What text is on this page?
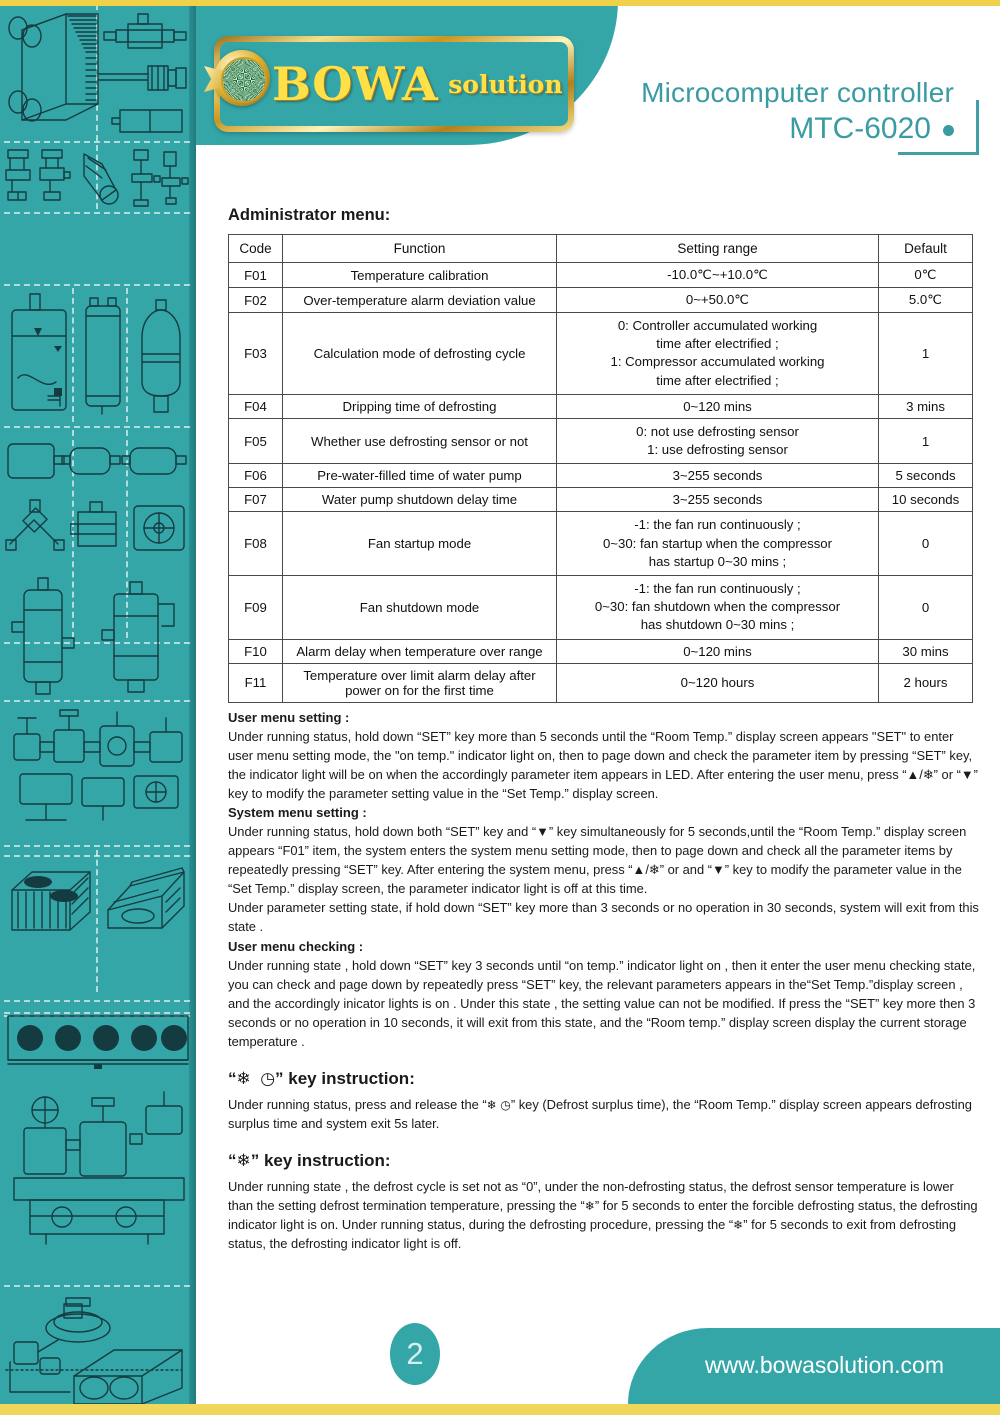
BOWA solution	Microcomputer controller
MTC-6020
Administrator menu:
Code	Function	Setting range	Default
F01	Temperature calibration	-10.0℃~+10.0℃	0℃
F02	Over-temperature alarm deviation value	0~+50.0℃	5.0℃
F03	Calculation mode of defrosting cycle	0: Controller accumulated working
time after electrified ;
1: Compressor accumulated working
time after electrified ;	1
F04	Dripping time of defrosting	0~120 mins	3 mins
F05	Whether use defrosting sensor or not	0: not use defrosting sensor
1: use defrosting sensor	1
F06	Pre-water-filled time of water pump	3~255 seconds	5 seconds
F07	Water pump shutdown delay time	3~255 seconds	10 seconds
F08	Fan startup mode	-1: the fan run continuously ;
0~30: fan startup when the compressor
has startup 0~30 mins ;	0
F09	Fan shutdown mode	-1: the fan run continuously ;
0~30: fan shutdown when the compressor
has shutdown 0~30 mins ;	0
F10	Alarm delay when temperature over range	0~120 mins	30 mins
F11	Temperature over limit alarm delay after power on for the first time	0~120 hours	2 hours
User menu setting :

Under running status, hold down “SET” key more than 5 seconds until the “Room Temp.” display screen appears "SET" to enter user menu setting mode, the "on temp." indicator light on, then to page down and check the parameter item by pressing “SET” key, the indicator light will be on when the accordingly parameter item appears in LED. After entering the user menu, press “▲/❄” or “▼” key to modify the parameter setting value in the “Set Temp.” display screen.

System menu setting :

Under running status, hold down both “SET” key and “▼” key simultaneously for 5 seconds,until the “Room Temp.” display screen appears “F01” item, the system enters the system menu setting mode, then to page down and check all the parameter items by repeatedly pressing “SET” key. After entering the system menu, press “▲/❄” or and “▼” key to modify the parameter value in the “Set Temp.” display screen, the parameter indicator light is off at this time.

Under parameter setting state, if hold down “SET” key more than 3 seconds or no operation in 30 seconds, system will exit from this state .

User menu checking :

Under running state , hold down “SET” key 3 seconds until “on temp.” indicator light on , then it enter the user menu checking state, you can check and page down by repeatedly press “SET” key, the relevant parameters appears in the“Set Temp.”display screen , and the accordingly inicator lights is on . Under this state , the setting value can not be modified. If press the “SET” key more then 3 seconds or no operation in 10 seconds, it will exit from this state, and the “Room temp.” display screen display the current storage temperature .

“❄ ◷” key instruction:

Under running status, press and release the “❄ ◷” key (Defrost surplus time), the “Room Temp.” display screen appears defrosting surplus time and system exit 5s later.

“❄” key instruction:

Under running state , the defrost cycle is set not as “0”, under the non-defrosting status, the defrost sensor temperature is lower than the setting defrost termination temperature, pressing the “❄” for 5 seconds to enter the forcible defrosting status, the defrosting indicator light is on. Under running status, during the defrosting procedure, pressing the “❄” for 5 seconds to exit from defrosting status, the defrosting indicator light is off.

2	www.bowasolution.com
